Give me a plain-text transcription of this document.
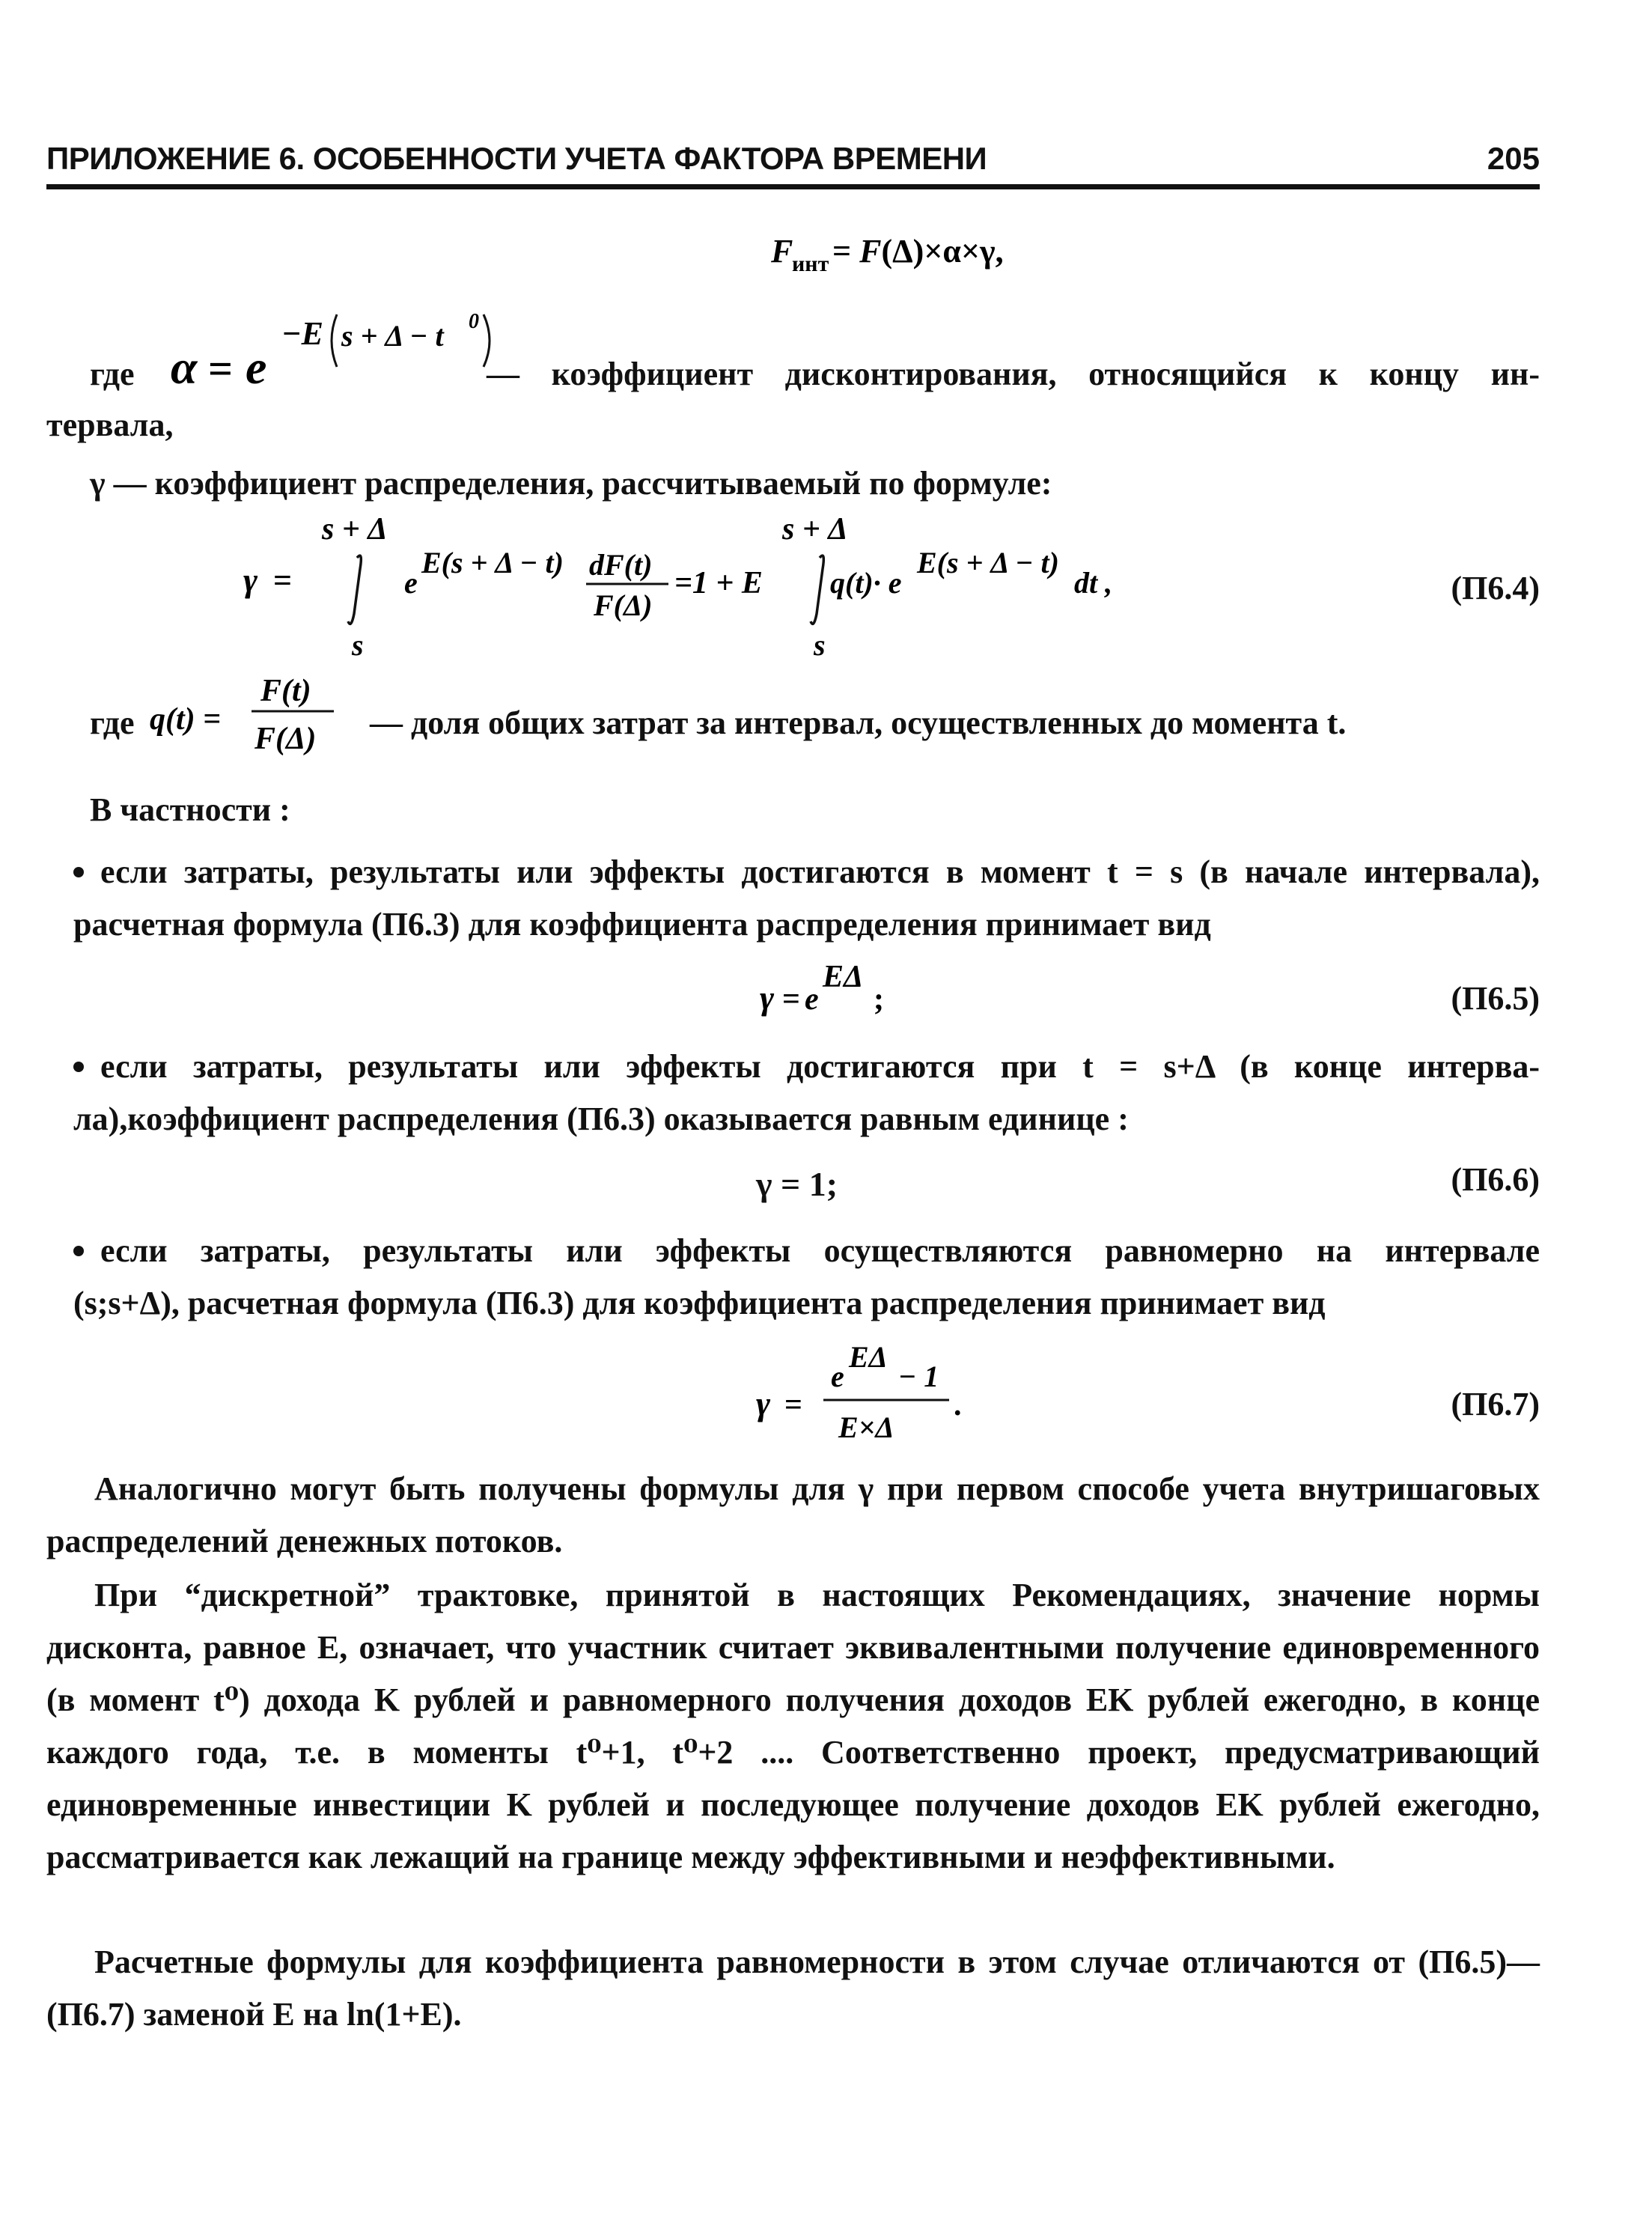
ПРИЛОЖЕНИЕ 6. ОСОБЕННОСТИ УЧЕТА ФАКТОРА ВРЕМЕНИ	205
F
инт = F(Δ)×α×γ,
где α = e
−E s + Δ − t 0
— коэффициент дисконтирования, относящийся к концу ин-
тервала,
γ — коэффициент распределения, рассчитываемый по формуле:
γ =
s + Δ
s
e
E(s + Δ − t) dF(t)
F(Δ)
=1 + E
s + Δ
s
q(t)· e
E(s + Δ − t)
dt ,	(П6.4)
где q(t) =
F(t)
F(Δ) — доля общих затрат за интервал, осуществленных до момента t.
В частности :
если затраты, результаты или эффекты достигаются в момент t = s (в начале интервала),
расчетная формула (П6.3) для коэффициента распределения принимает вид
γ = e
EΔ
;	(П6.5)
если затраты, результаты или эффекты достигаются при t = s+Δ (в конце интерва-
ла),коэффициент распределения (П6.3) оказывается равным единице :
γ = 1;	(П6.6)
если затраты, результаты или эффекты осуществляются равномерно на интервале
(s;s+Δ), расчетная формула (П6.3) для коэффициента распределения принимает вид
γ =
e
EΔ
− 1
E×Δ
.	(П6.7)
Аналогично могут быть получены формулы для γ при первом способе учета внутришаговых распределений денежных потоков.
При “дискретной” трактовке, принятой в настоящих Рекомендациях, значение нормы дисконта, равное E, означает, что участник считает эквивалентными получение единовременного (в момент t⁰) дохода K рублей и равномерного получения доходов EK рублей ежегодно, в конце каждого года, т.е. в моменты t⁰+1, t⁰+2 .... Соответственно проект, предусматривающий единовременные инвестиции K рублей и последующее получение доходов EK рублей ежегодно, рассматривается как лежащий на границе между эффективными и неэффективными.
Расчетные формулы для коэффициента равномерности в этом случае отличаются от (П6.5)—(П6.7) заменой E на ln(1+E).
